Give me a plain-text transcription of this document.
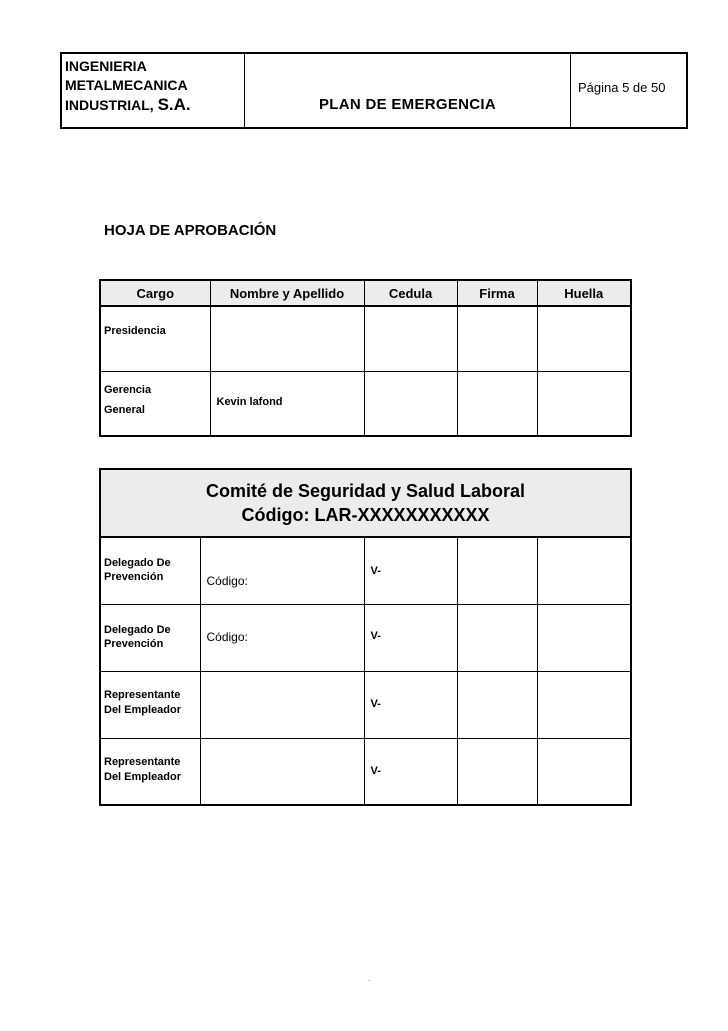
INGENIERIA
METALMECANICA
INDUSTRIAL, S.A.	PLAN DE EMERGENCIA
Página 5 de 50
HOJA DE APROBACIÓN
Cargo	Nombre y Apellido	Cedula	Firma	Huella

Presidencia				

Gerencia
General	Kevin lafond			

Comité de Seguridad y Salud Laboral
Código: LAR-XXXXXXXXXXX				

Delegado De
Prevención	Código:	V-		

Delegado De
Prevención	Código:	V-		

Representante
Del Empleador		V-		

Representante
Del Empleador		V-		

.
